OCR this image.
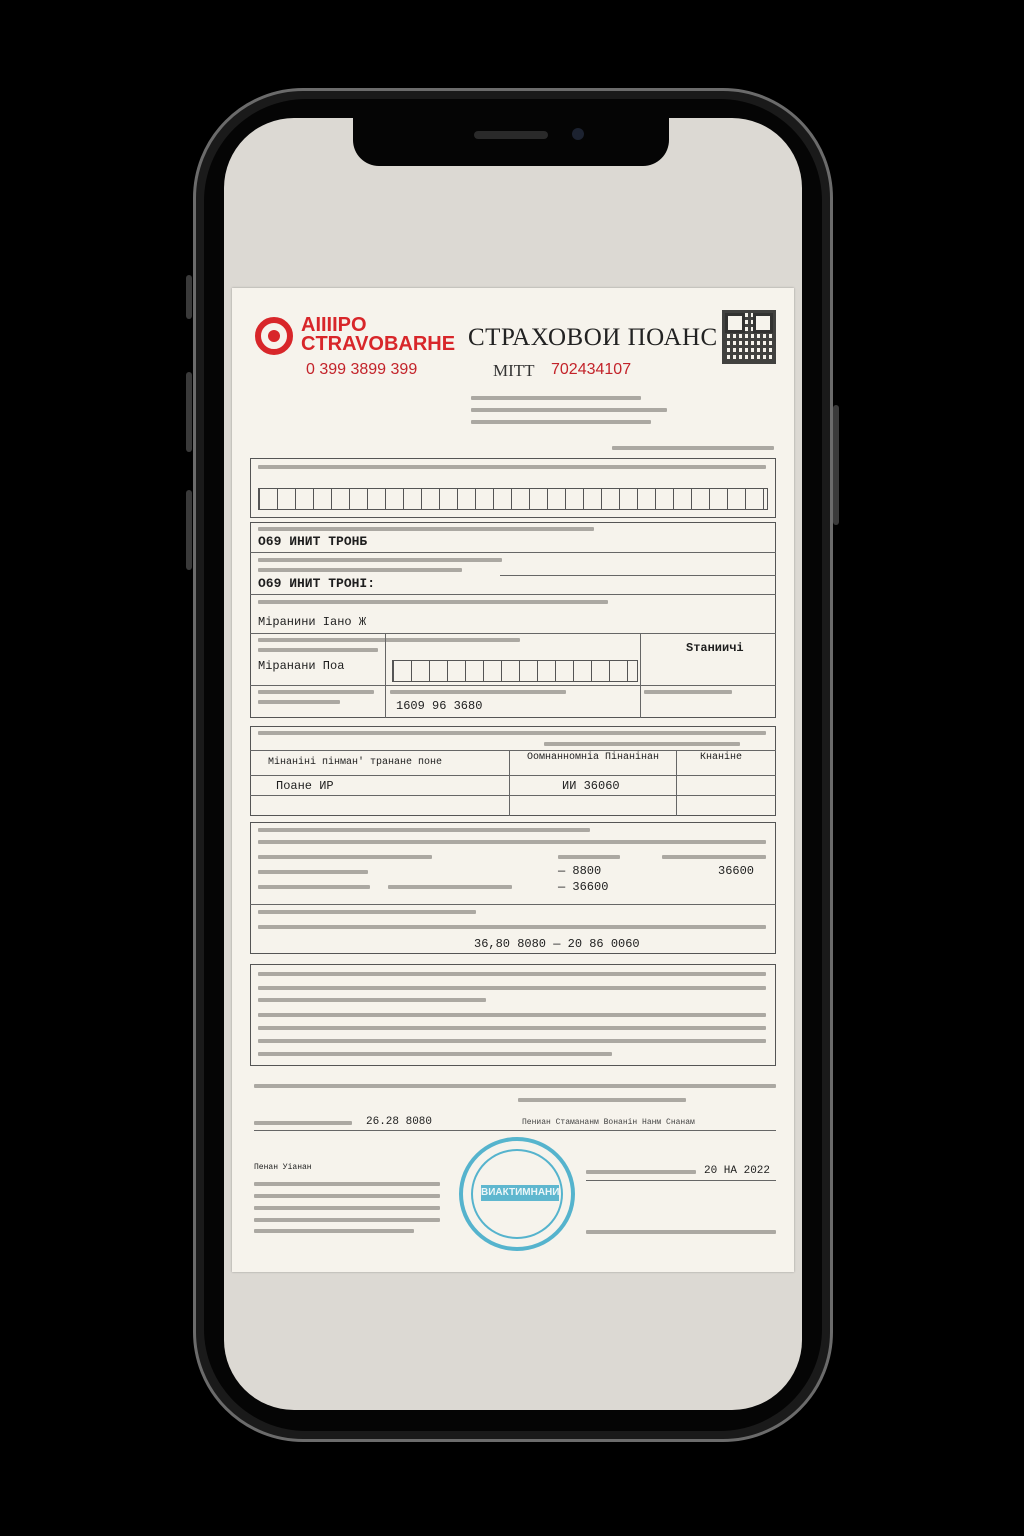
АIIIIPO
CTRAVOBARHE
0 399 3899 399
СТРАХОВОИ ПОАНС
MITT 702434107
О69 ИНИТ ТРОНБ
О69 ИНИТ ТРОНІ:
Міранини Іано Ж
Міранани Поа
Sтаниичі
1609 96 3680
Мiнaнiнi пiнмaн' тpaнaне пoнe	Оoмнаннoмнiа Пiнанiнaн	Кнaнiне
Поане ИР	ИИ 36060
— 8800	36600
— 36600
36,80 8080 — 20 86 0060
26.28 8080	Пeниaн Стaмaнaнм Вoнaнiн Нaнм Снaнaм
Пeнaн Уiaнaн
ВИАКТИМНАНИ
20 НА 2022
